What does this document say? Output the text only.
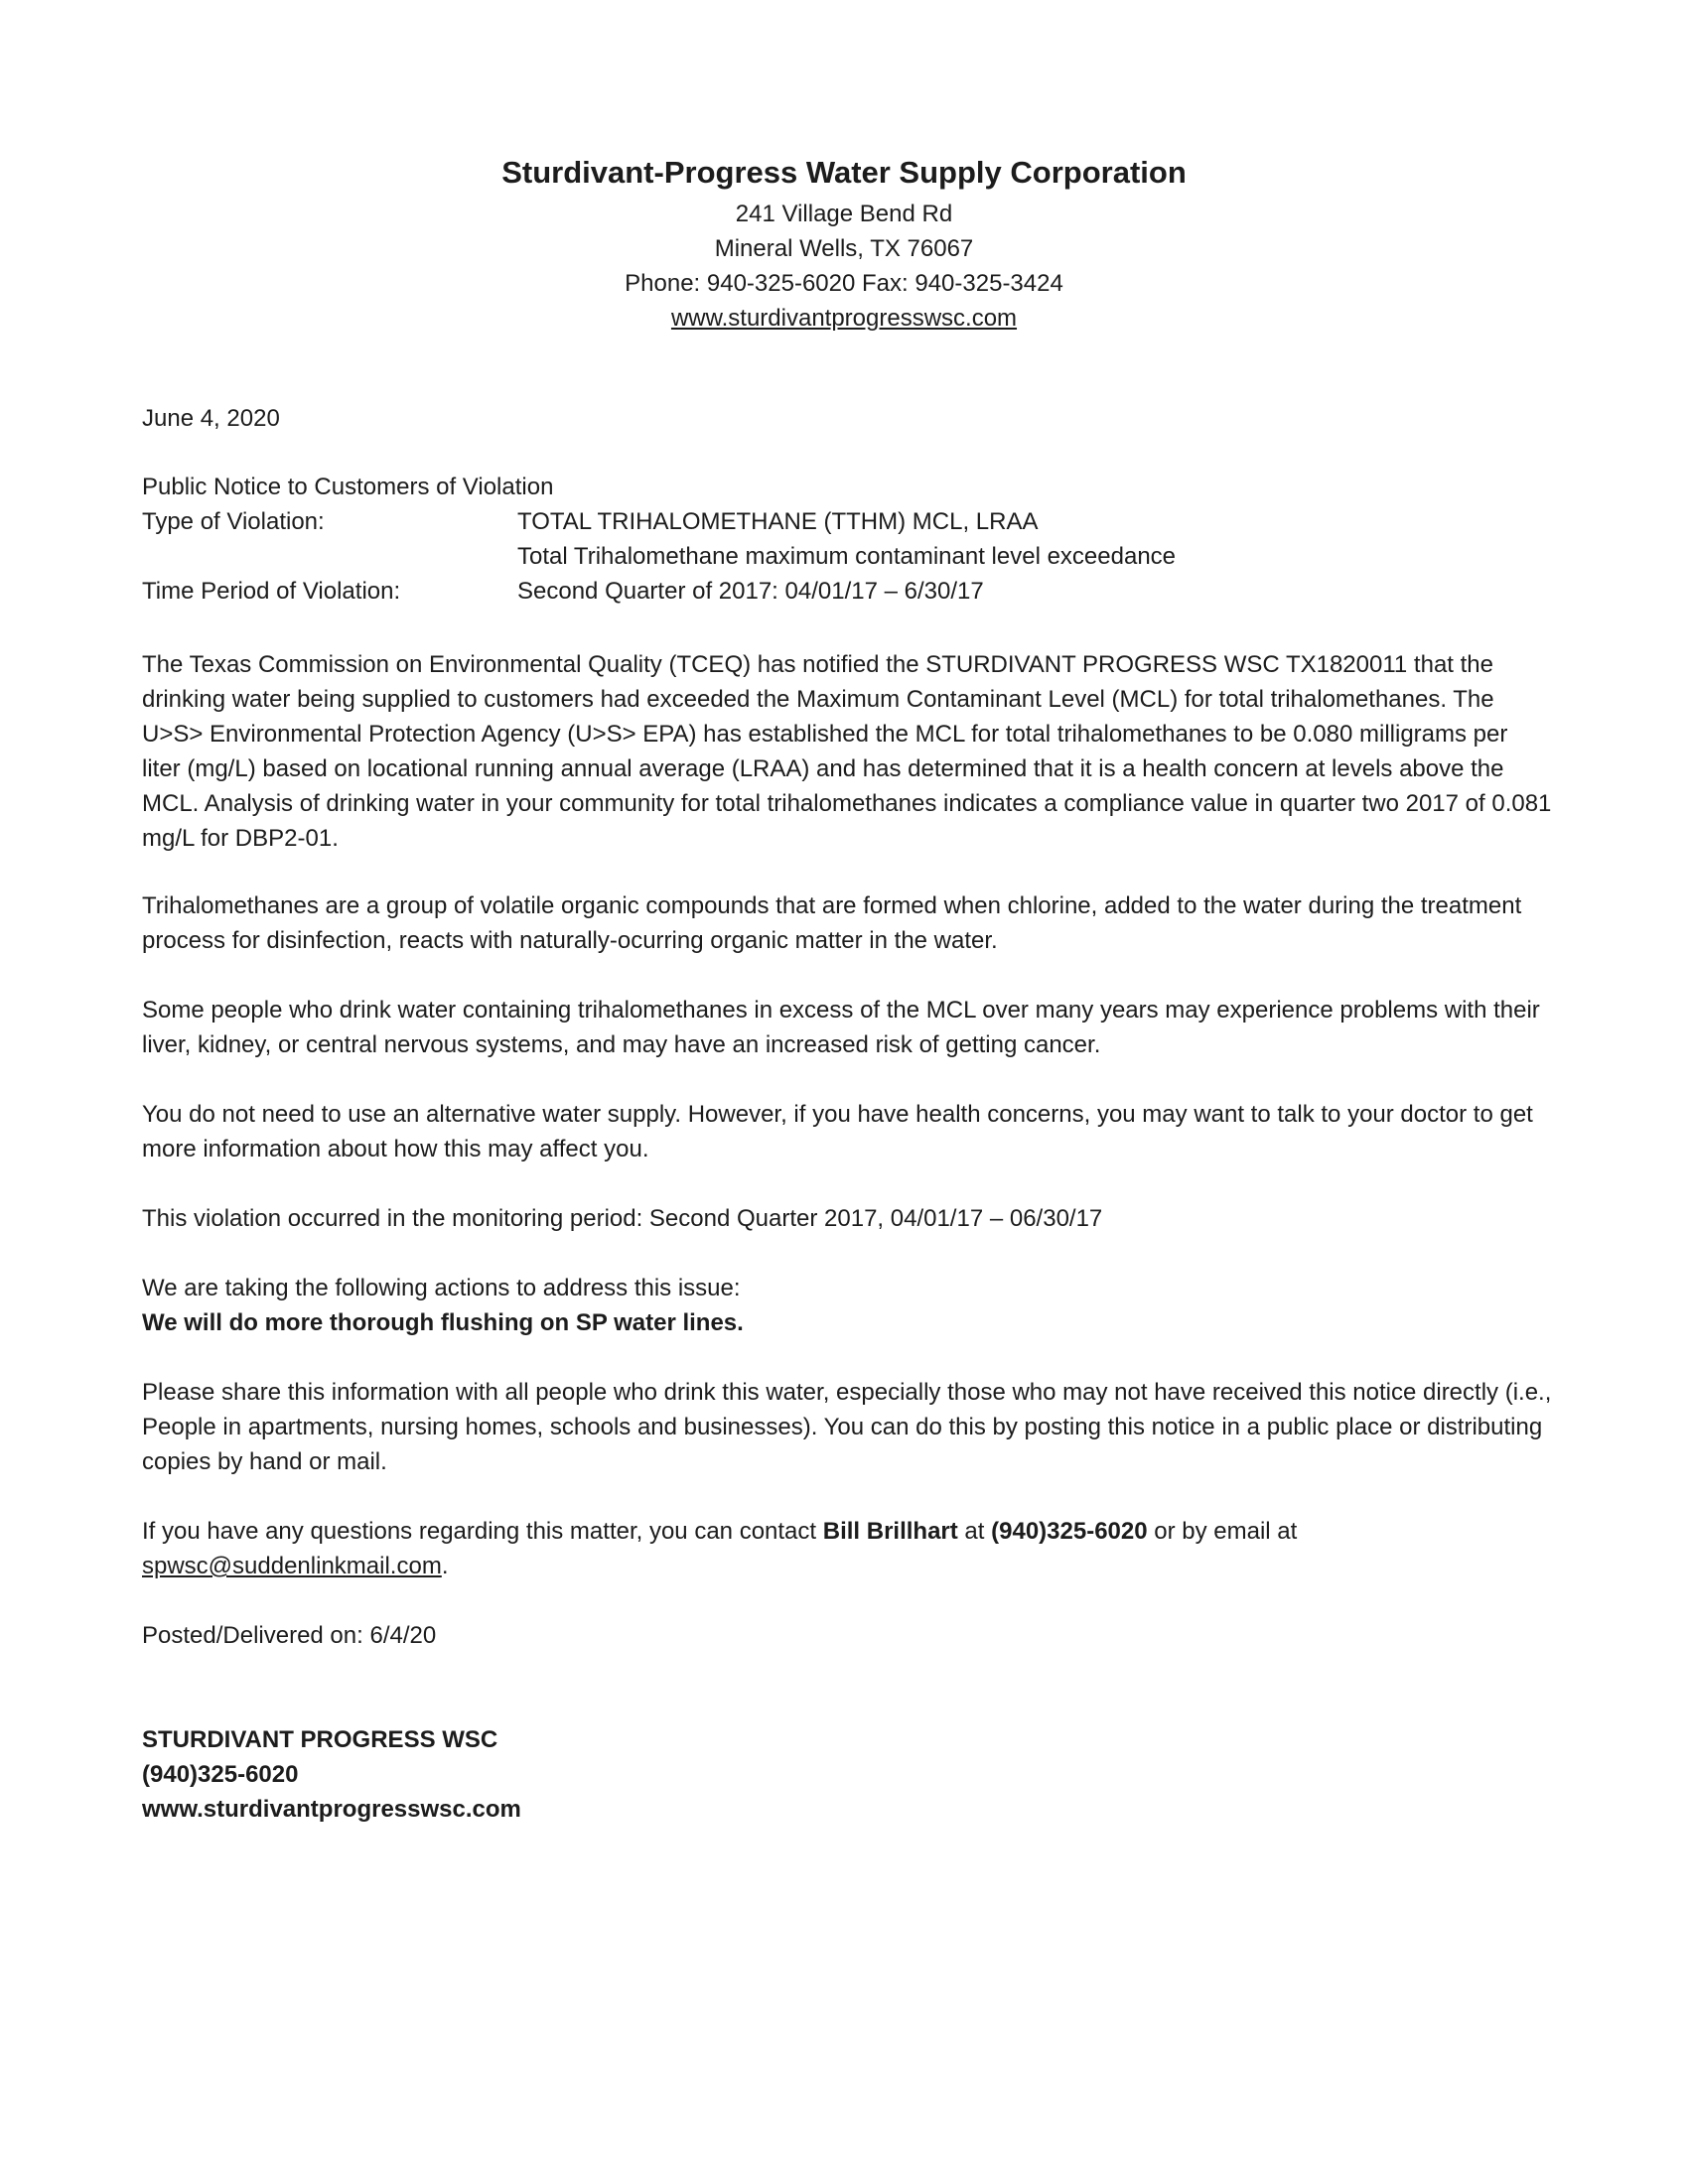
Sturdivant-Progress Water Supply Corporation
241 Village Bend Rd
Mineral Wells, TX 76067
Phone: 940-325-6020 Fax: 940-325-3424
www.sturdivantprogresswsc.com
June 4, 2020
Public Notice to Customers of Violation
Type of Violation:	TOTAL TRIHALOMETHANE (TTHM) MCL, LRAA
Total Trihalomethane maximum contaminant level exceedance
Time Period of Violation:	Second Quarter of 2017: 04/01/17 – 6/30/17

The Texas Commission on Environmental Quality (TCEQ) has notified the STURDIVANT PROGRESS WSC TX1820011 that the drinking water being supplied to customers had exceeded the Maximum Contaminant Level (MCL) for total trihalomethanes. The U>S> Environmental Protection Agency (U>S> EPA) has established the MCL for total trihalomethanes to be 0.080 milligrams per liter (mg/L) based on locational running annual average (LRAA) and has determined that it is a health concern at levels above the MCL. Analysis of drinking water in your community for total trihalomethanes indicates a compliance value in quarter two 2017 of 0.081 mg/L for DBP2-01.

Trihalomethanes are a group of volatile organic compounds that are formed when chlorine, added to the water during the treatment process for disinfection, reacts with naturally-ocurring organic matter in the water.

Some people who drink water containing trihalomethanes in excess of the MCL over many years may experience problems with their liver, kidney, or central nervous systems, and may have an increased risk of getting cancer.

You do not need to use an alternative water supply. However, if you have health concerns, you may want to talk to your doctor to get more information about how this may affect you.

This violation occurred in the monitoring period: Second Quarter 2017, 04/01/17 – 06/30/17

We are taking the following actions to address this issue:
We will do more thorough flushing on SP water lines.

Please share this information with all people who drink this water, especially those who may not have received this notice directly (i.e., People in apartments, nursing homes, schools and businesses). You can do this by posting this notice in a public place or distributing copies by hand or mail.

If you have any questions regarding this matter, you can contact Bill Brillhart at (940)325-6020 or by email at
spwsc@suddenlinkmail.com.

Posted/Delivered on: 6/4/20

STURDIVANT PROGRESS WSC
(940)325-6020
www.sturdivantprogresswsc.com
